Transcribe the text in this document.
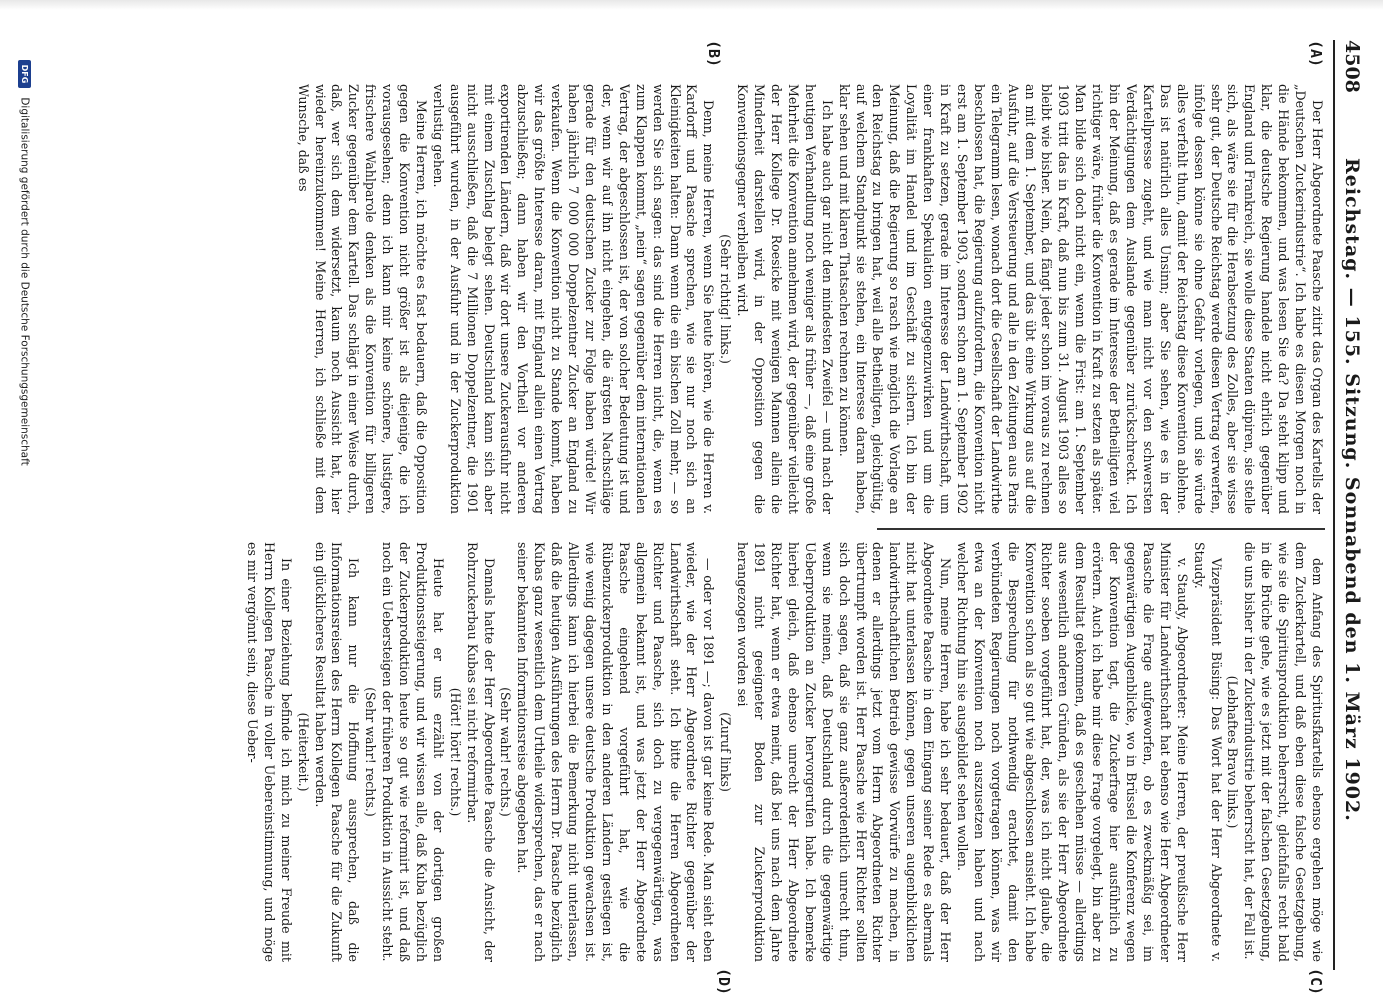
4508
Reichstag. — 155. Sitzung. Sonnabend den 1. März 1902.
(A)
(B)
(C)
(D)

Der Herr Abgeordnete Paasche zitirt das Organ des Kartells der „Deutschen Zuckerindustrie“. Ich habe es diesen Morgen noch in die Hände bekommen, und was lesen Sie da? Da steht klipp und klar, die deutsche Regierung handele nicht ehrlich gegenüber England und Frankreich, sie wolle diese Staaten düpiren, sie stelle sich, als wäre sie für die Herabsetzung des Zolles, aber sie wisse sehr gut, der Deutsche Reichstag werde diesen Vertrag verwerfen, infolge dessen könne sie ohne Gefahr vorlegen, und sie würde alles verfehlt thun, damit der Reichstag diese Konvention ablehne. Das ist natürlich alles Unsinn; aber Sie sehen, wie es in der Kartellpresse zugeht, und wie man nicht vor den schwersten Verdächtigungen dem Auslande gegenüber zurückschreckt. Ich bin der Meinung, daß es gerade im Interesse der Betheiligten viel richtiger wäre, früher die Konvention in Kraft zu setzen als später. Man bilde sich doch nicht ein, wenn die Frist: am 1. September 1903 tritt das in Kraft, daß nun bis zum 31. August 1903 alles so bleibt wie bisher. Nein, da fängt jeder schon im voraus zu rechnen an mit dem 1. September, und das übt eine Wirkung aus auf die Ausfuhr, auf die Versteuerung und alle in den Zeitungen aus Paris ein Telegramm lesen, wonach dort die Gesellschaft der Landwirthe beschlossen hat, die Regierung aufzufordern, die Konvention nicht erst am 1. September 1903, sondern schon am 1. September 1902 in Kraft zu setzen, gerade im Interesse der Landwirthschaft, um einer frankhaften Spekulation entgegenzuwirken und um die Loyalität im Handel und im Geschäft zu sichern. Ich bin der Meinung, daß die Regierung so rasch wie möglich die Vorlage an den Reichstag zu bringen hat, weil alle Betheiligten, gleichgültig, auf welchem Standpunkt sie stehen, ein Interesse daran haben, klar sehen und mit klaren Thatsachen rechnen zu können.

Ich habe auch gar nicht den mindesten Zweifel — und nach der heutigen Verhandlung noch weniger als früher —, daß eine große Mehrheit die Konvention annehmen wird, der gegenüber vielleicht der Herr Kollege Dr. Roesicke mit wenigen Mannen allein die Minderheit darstellen wird, in der Opposition gegen die Konventionsgegner verbleiben wird.

(Sehr richtig! links.)

Denn, meine Herren, wenn Sie heute hören, wie die Herren v. Kardorff und Paasche sprechen, wie sie nur noch sich an Kleinigkeiten halten: Dann wenn die ein bischen Zoll mehr, — so werden Sie sich sagen: das sind die Herren nicht, die, wenn es zum Klappen kommt, „nein“ sagen gegenüber dem internationalen Vertrag, der abgeschlossen ist, der von solcher Bedeutung ist und der, wenn wir auf ihn nicht eingehen, die ärgsten Nachschläge gerade für den deutschen Zucker zur Folge haben würde! Wir haben jährlich 7 000 000 Doppelzentner Zucker an England zu verkaufen. Wenn die Konvention nicht zu Stande kommt, haben wir das größte Interesse daran, mit England allein einen Vertrag abzuschließen; dann haben wir den Vortheil vor anderen exportirenden Ländern, daß wir dort unsere Zuckerausfuhr nicht mit einem Zuschlag belegt sehen. Deutschland kann sich aber nicht ausschließen, daß die 7 Millionen Doppelzentner, die 1901 ausgeführt wurden, in der Ausfuhr und in der Zuckerproduktion verlustig gehen.

Meine Herren, ich möchte es fast bedauern, daß die Opposition gegen die Konvention nicht größer ist als diejenige, die ich vorausgesehen; denn ich kann mir keine schönere, lustigere, frischere Wahlparole denken als die Konvention für billigeren Zucker gegenüber dem Kartell. Das schlägt in einer Weise durch, daß, wer sich dem widersetzt, kaum noch Aussicht hat, hier wieder hereinzukommen! Meine Herren, ich schließe mit dem Wunsche, daß es

dem Anfang des Spiritusfkartells ebenso ergehen möge wie dem Zuckerkartell, und daß eben diese falsche Gesetzgebung, wie sie die Spiritusproduktion beherrscht, gleichfalls recht bald in die Brüche gehe, wie es jetzt mit der falschen Gesetzgebung, die uns bisher in der Zuckerindustrie beherrscht hat, der Fall ist.

(Lebhaftes Bravo links.)

Vizepräsident Büsing: Das Wort hat der Herr Abgeordnete v. Staudy.

v. Staudy, Abgeordneter: Meine Herren, der preußische Herr Minister für Landwirthschaft hat ebenso wie Herr Abgeordneter Paasche die Frage aufgeworfen, ob es zweckmäßig sei, im gegenwärtigen Augenblicke, wo in Brüssel die Konferenz wegen der Konvention tagt, die Zuckerfrage hier ausführlich zu erörtern. Auch ich habe mir diese Frage vorgelegt, bin aber zu dem Resultat gekommen, daß es geschehen müsse — allerdings aus wesentlich anderen Gründen, als sie der Herr Abgeordnete Richter soeben vorgeführt hat, der, was ich nicht glaube, die Konvention schon als so gut wie abgeschlossen ansieht. Ich habe die Besprechung für nothwendig erachtet, damit den verbündeten Regierungen noch vorgetragen können, was wir etwa an der Konvention noch auszusetzen haben und nach welcher Richtung hin sie ausgebildet sehen wollen.

Nun, meine Herren, habe ich sehr bedauert, daß der Herr Abgeordnete Paasche in dem Eingang seiner Rede es abermals nicht hat unterlassen können, gegen unseren augenblicklichen landwirthschaftlichen Betrieb gewisse Vorwürfe zu machen, in denen er allerdings jetzt vom Herrn Abgeordneten Richter übertrumpft worden ist. Herr Paasche wie Herr Richter sollten sich doch sagen, daß sie ganz außerordentlich unrecht thun, wenn sie meinen, daß Deutschland durch die gegenwärtige Ueberproduktion an Zucker hervorgerufen habe. Ich bemerke hierbei gleich, daß ebenso unrecht der Herr Abgeordnete Richter hat, wenn er etwa meint, daß bei uns nach dem Jahre 1891 nicht geeigneter Boden zur Zuckerproduktion herangezogen worden sei

(Zuruf links)

— oder vor 1891 —; davon ist gar keine Rede. Man sieht eben wieder, wie der Herr Abgeordnete Richter gegenüber der Landwirthschaft steht. Ich bitte die Herren Abgeordneten Richter und Paasche, sich doch zu vergegenwärtigen, was allgemein bekannt ist, und was jetzt der Herr Abgeordnete Paasche eingehend vorgeführt hat, wie die Rübenzuckerproduktion in den anderen Ländern gestiegen ist, wie wenig dagegen unsere deutsche Produktion gewachsen ist. Allerdings kann ich hierbei die Bemerkung nicht unterlassen, daß die heutigen Ausführungen des Herrn Dr. Paasche bezüglich Kubas ganz wesentlich dem Urtheile widersprechen, das er nach seiner bekannten Informationsreise abgegeben hat.

(Sehr wahr! rechts.)

Damals hatte der Herr Abgeordnete Paasche die Ansicht, der Rohrzuckerbau Kubas sei nicht reformirbar.

(Hört! hört! rechts.)

Heute hat er uns erzählt von der dortigen großen Produktionssteigerung, und wir wissen alle, daß Kuba bezüglich der Zuckerproduktion heute so gut wie reformirt ist, und daß noch ein Uebersteigen der früheren Produktion in Aussicht steht.

(Sehr wahr! rechts.)

Ich kann nur die Hoffnung aussprechen, daß die Informationsreisen des Herrn Kollegen Paasche für die Zukunft ein glücklicheres Resultat haben werden.

(Heiterkeit.)

In einer Beziehung befinde ich mich zu meiner Freude mit Herrn Kollegen Paasche in voller Uebereinstimmung, und möge es mir vergönnt sein, diese Ueber-

DFG Digitalisierung gefördert durch die Deutsche Forschungsgemeinschaft
